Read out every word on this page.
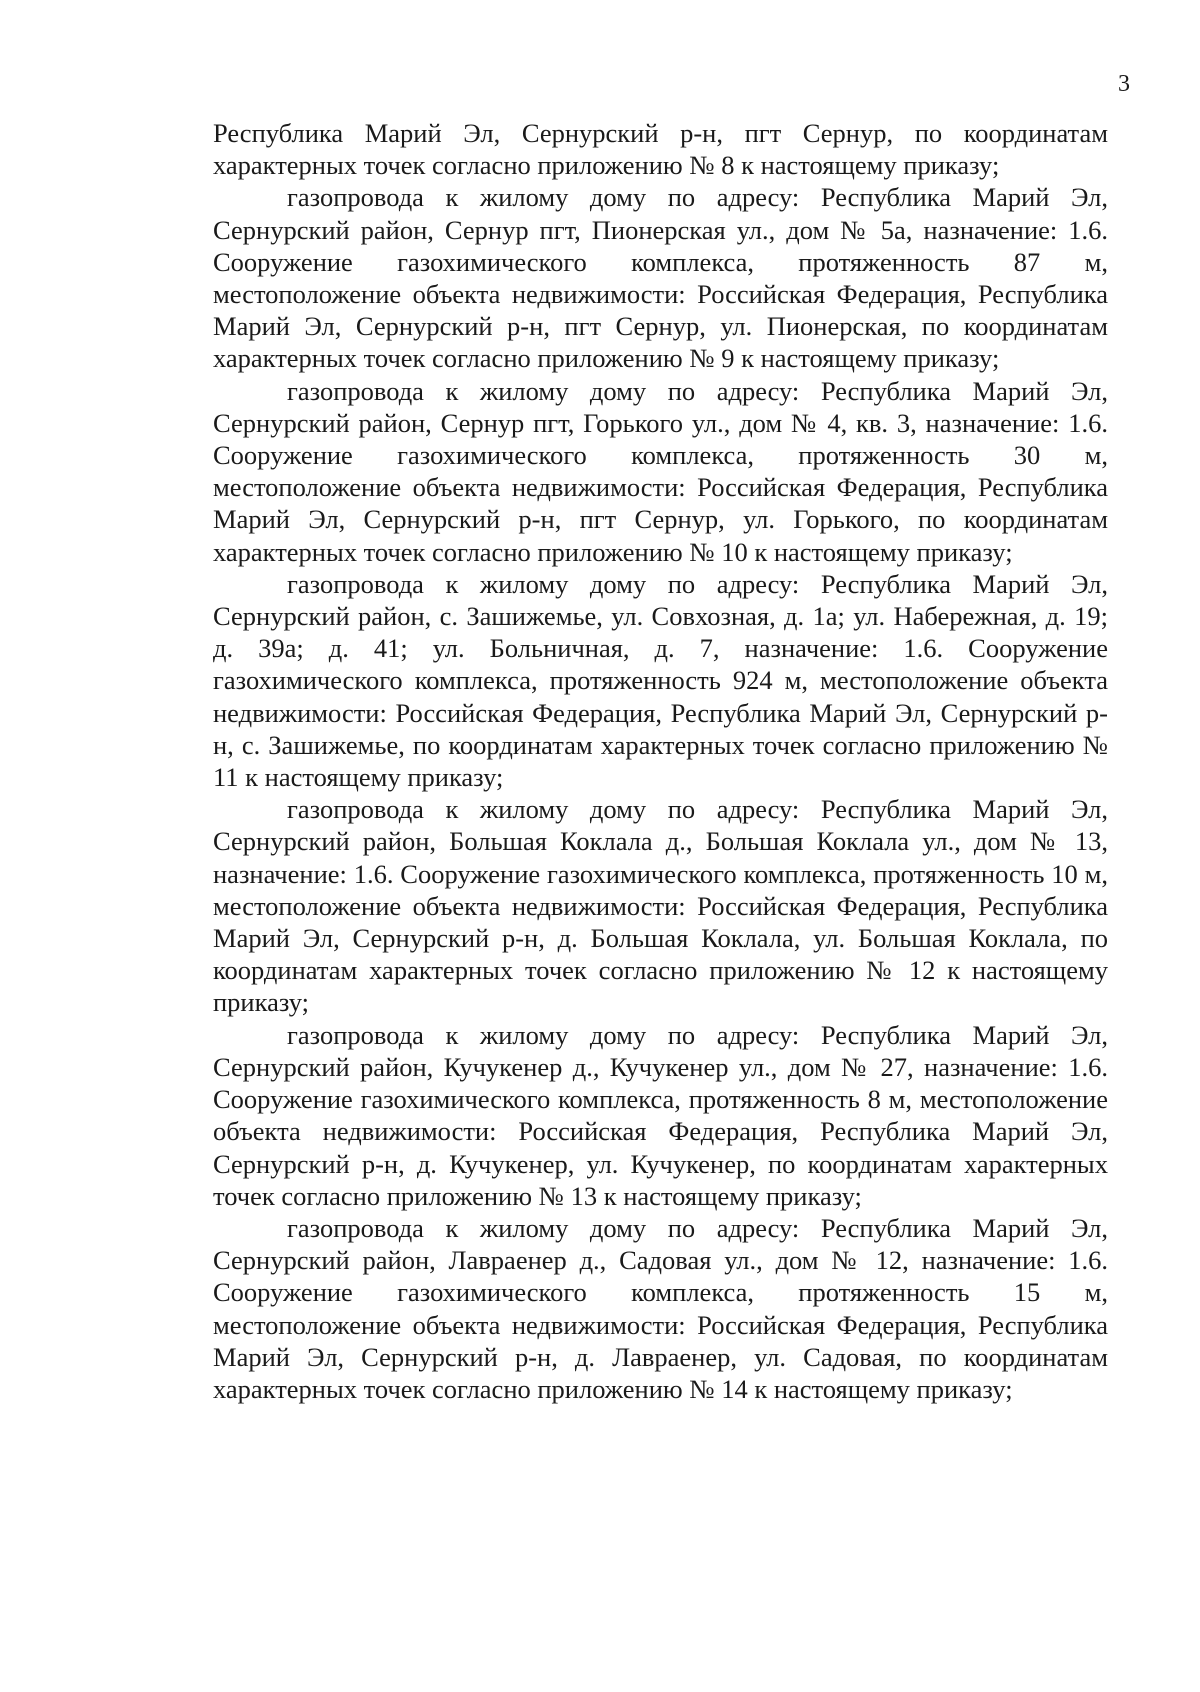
3

Республика Марий Эл, Сернурский р-н, пгт Сернур, по координатам характерных точек согласно приложению № 8 к настоящему приказу;

газопровода к жилому дому по адресу: Республика Марий Эл, Сернурский район, Сернур пгт, Пионерская ул., дом № 5а, назначение: 1.6. Сооружение газохимического комплекса, протяженность 87 м, местоположение объекта недвижимости: Российская Федерация, Республика Марий Эл, Сернурский р-н, пгт Сернур, ул. Пионерская, по координатам характерных точек согласно приложению № 9 к настоящему приказу;

газопровода к жилому дому по адресу: Республика Марий Эл, Сернурский район, Сернур пгт, Горького ул., дом № 4, кв. 3, назначение: 1.6. Сооружение газохимического комплекса, протяженность 30 м, местоположение объекта недвижимости: Российская Федерация, Республика Марий Эл, Сернурский р-н, пгт Сернур, ул. Горького, по координатам характерных точек согласно приложению № 10 к настоящему приказу;

газопровода к жилому дому по адресу: Республика Марий Эл, Сернурский район, с. Зашижемье, ул. Совхозная, д. 1а; ул. Набережная, д. 19; д. 39а; д. 41; ул. Больничная, д. 7, назначение: 1.6. Сооружение газохимического комплекса, протяженность 924 м, местоположение объекта недвижимости: Российская Федерация, Республика Марий Эл, Сернурский р-н, с. Зашижемье, по координатам характерных точек согласно приложению № 11 к настоящему приказу;

газопровода к жилому дому по адресу: Республика Марий Эл, Сернурский район, Большая Коклала д., Большая Коклала ул., дом № 13, назначение: 1.6. Сооружение газохимического комплекса, протяженность 10 м, местоположение объекта недвижимости: Российская Федерация, Республика Марий Эл, Сернурский р-н, д. Большая Коклала, ул. Большая Коклала, по координатам характерных точек согласно приложению № 12 к настоящему приказу;

газопровода к жилому дому по адресу: Республика Марий Эл, Сернурский район, Кучукенер д., Кучукенер ул., дом № 27, назначение: 1.6. Сооружение газохимического комплекса, протяженность 8 м, местоположение объекта недвижимости: Российская Федерация, Республика Марий Эл, Сернурский р-н, д. Кучукенер, ул. Кучукенер, по координатам характерных точек согласно приложению № 13 к настоящему приказу;

газопровода к жилому дому по адресу: Республика Марий Эл, Сернурский район, Лавраенер д., Садовая ул., дом № 12, назначение: 1.6. Сооружение газохимического комплекса, протяженность 15 м, местоположение объекта недвижимости: Российская Федерация, Республика Марий Эл, Сернурский р-н, д. Лавраенер, ул. Садовая, по координатам характерных точек согласно приложению № 14 к настоящему приказу;
